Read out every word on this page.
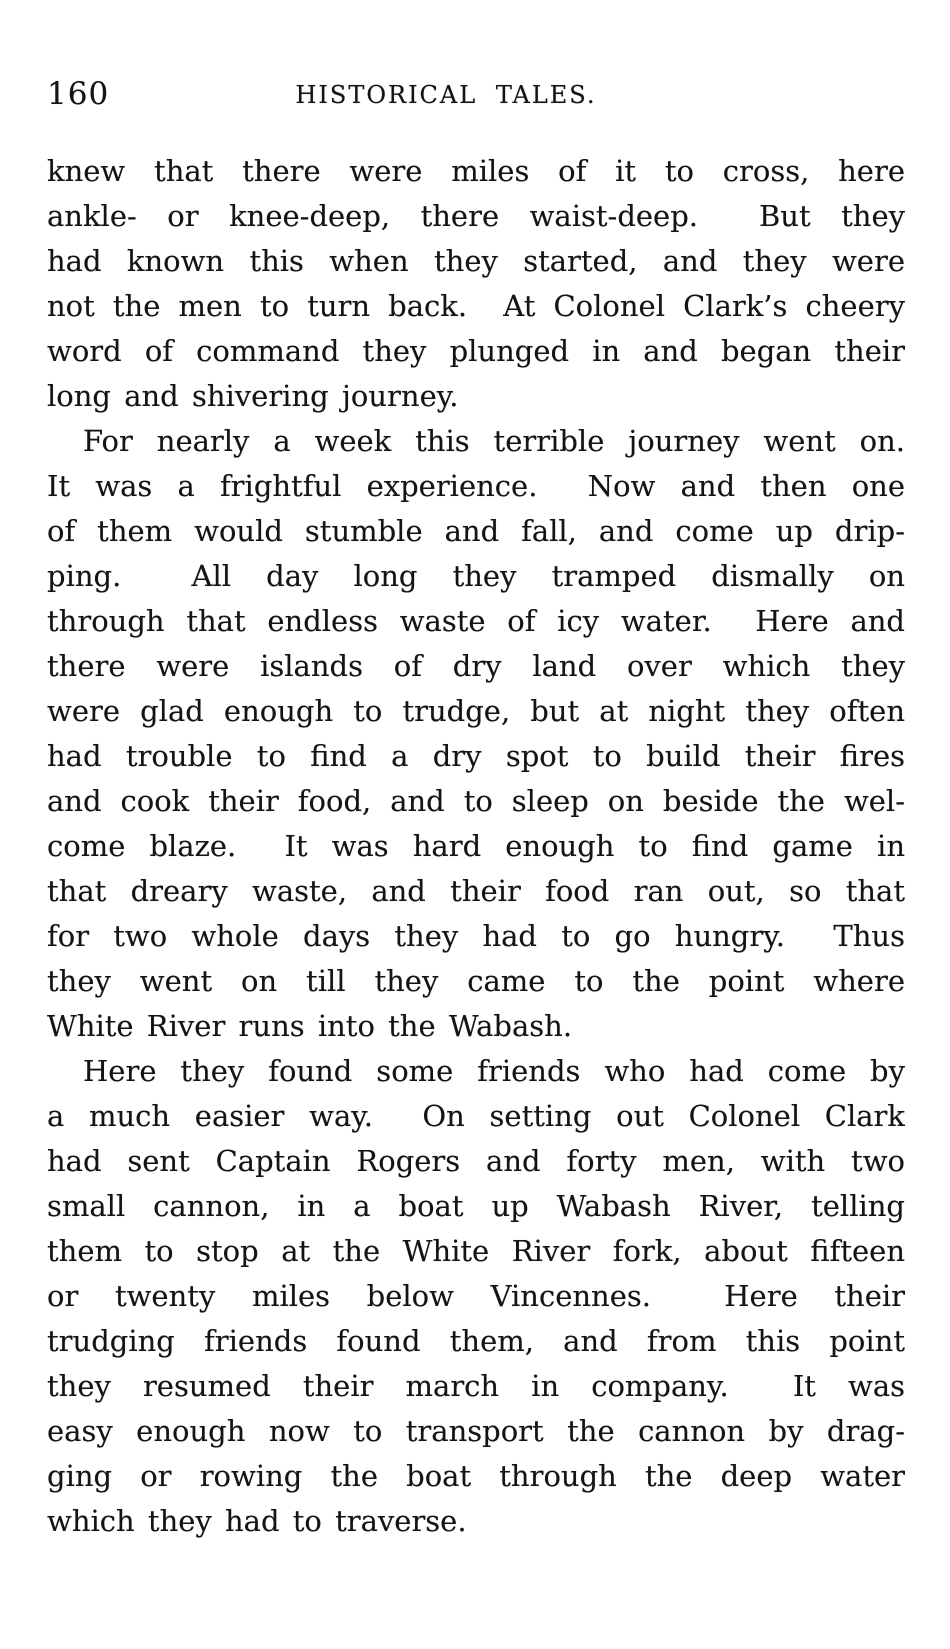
160	HISTORICAL TALES.
knew that there were miles of it to cross, here
ankle- or knee-deep, there waist-deep.  But they
had known this when they started, and they were
not the men to turn back.  At Colonel Clark’s cheery
word of command they plunged in and began their
long and shivering journey.
For nearly a week this terrible journey went on.
It was a frightful experience.  Now and then one
of them would stumble and fall, and come up drip-
ping.  All day long they tramped dismally on
through that endless waste of icy water.  Here and
there were islands of dry land over which they
were glad enough to trudge, but at night they often
had trouble to find a dry spot to build their fires
and cook their food, and to sleep on beside the wel-
come blaze.  It was hard enough to find game in
that dreary waste, and their food ran out, so that
for two whole days they had to go hungry.  Thus
they went on till they came to the point where
White River runs into the Wabash.
Here they found some friends who had come by
a much easier way.  On setting out Colonel Clark
had sent Captain Rogers and forty men, with two
small cannon, in a boat up Wabash River, telling
them to stop at the White River fork, about fifteen
or twenty miles below Vincennes.  Here their
trudging friends found them, and from this point
they resumed their march in company.  It was
easy enough now to transport the cannon by drag-
ging or rowing the boat through the deep water
which they had to traverse.
